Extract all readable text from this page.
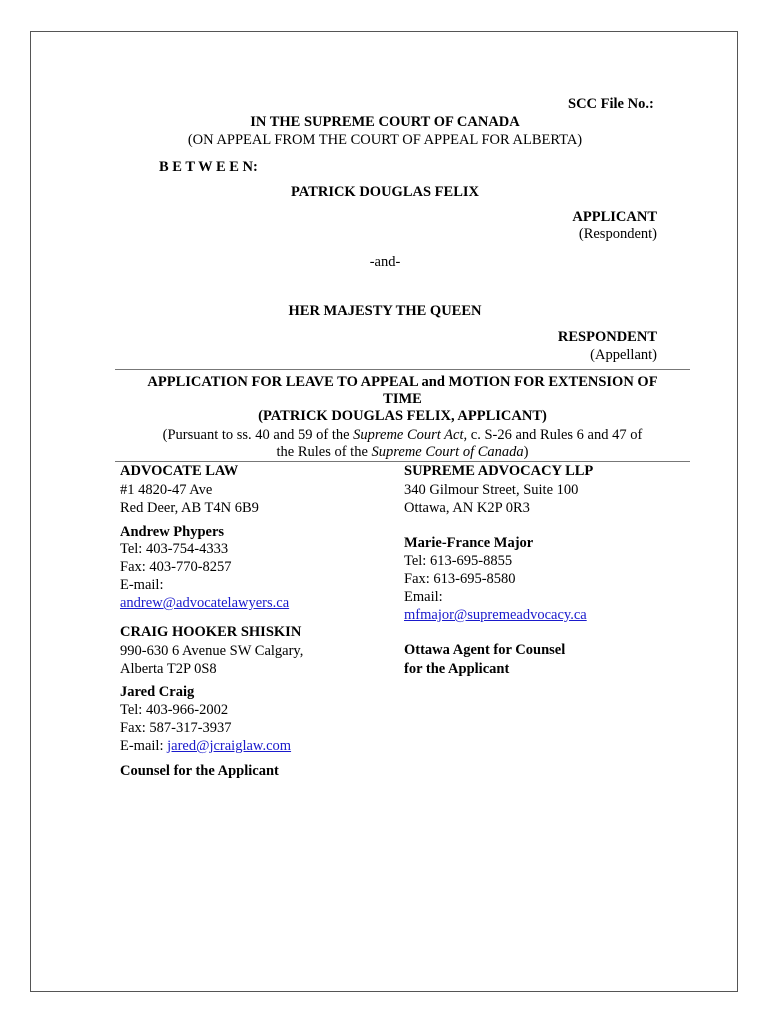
SCC File No.:
IN THE SUPREME COURT OF CANADA
(ON APPEAL FROM THE COURT OF APPEAL FOR ALBERTA)
B E T W E E N:
PATRICK DOUGLAS FELIX
APPLICANT
(Respondent)
-and-
HER MAJESTY THE QUEEN
RESPONDENT
(Appellant)
APPLICATION FOR LEAVE TO APPEAL and MOTION FOR EXTENSION OF
TIME
(PATRICK DOUGLAS FELIX, APPLICANT)
(Pursuant to ss. 40 and 59 of the Supreme Court Act, c. S-26 and Rules 6 and 47 of
the Rules of the Supreme Court of Canada)
ADVOCATE LAW
#1 4820-47 Ave
Red Deer, AB T4N 6B9
Andrew Phypers
Tel: 403-754-4333
Fax: 403-770-8257
E-mail:
andrew@advocatelawyers.ca
CRAIG HOOKER SHISKIN
990-630 6 Avenue SW Calgary,
Alberta T2P 0S8
Jared Craig
Tel: 403-966-2002
Fax: 587-317-3937
E-mail: jared@jcraiglaw.com
Counsel for the Applicant
SUPREME ADVOCACY LLP
340 Gilmour Street, Suite 100
Ottawa, AN K2P 0R3
Marie-France Major
Tel: 613-695-8855
Fax: 613-695-8580
Email:
mfmajor@supremeadvocacy.ca
Ottawa Agent for Counsel
for the Applicant
